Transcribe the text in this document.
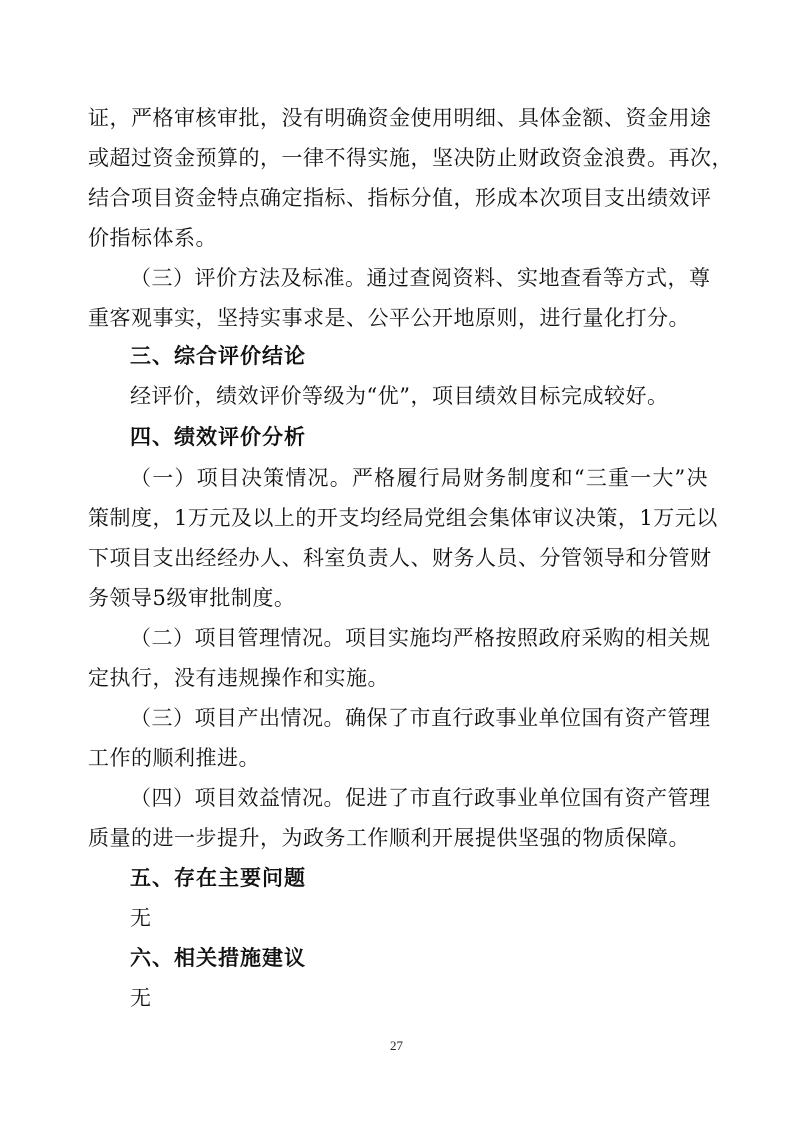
证，严格审核审批，没有明确资金使用明细、具体金额、资金用途
或超过资金预算的，一律不得实施，坚决防止财政资金浪费。再次，
结合项目资金特点确定指标、指标分值，形成本次项目支出绩效评
价指标体系。
（三）评价方法及标准。通过查阅资料、实地查看等方式，尊
重客观事实，坚持实事求是、公平公开地原则，进行量化打分。
三、综合评价结论
经评价，绩效评价等级为“优”，项目绩效目标完成较好。
四、绩效评价分析
（一）项目决策情况。严格履行局财务制度和“三重一大”决
策制度，1万元及以上的开支均经局党组会集体审议决策，1万元以
下项目支出经经办人、科室负责人、财务人员、分管领导和分管财
务领导5级审批制度。
（二）项目管理情况。项目实施均严格按照政府采购的相关规
定执行，没有违规操作和实施。
（三）项目产出情况。确保了市直行政事业单位国有资产管理
工作的顺利推进。
（四）项目效益情况。促进了市直行政事业单位国有资产管理
质量的进一步提升，为政务工作顺利开展提供坚强的物质保障。
五、存在主要问题
无
六、相关措施建议
无
27
